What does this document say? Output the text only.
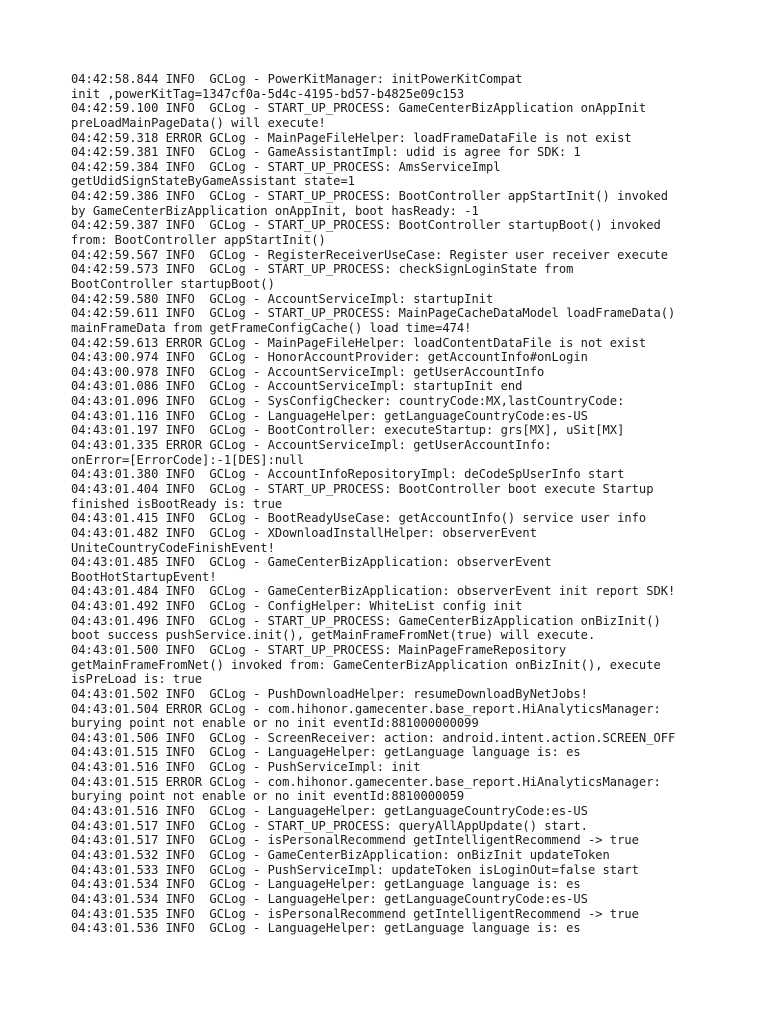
04:42:58.844 INFO  GCLog - PowerKitManager: initPowerKitCompat
init ,powerKitTag=1347cf0a-5d4c-4195-bd57-b4825e09c153
04:42:59.100 INFO  GCLog - START_UP_PROCESS: GameCenterBizApplication onAppInit
preLoadMainPageData() will execute!
04:42:59.318 ERROR GCLog - MainPageFileHelper: loadFrameDataFile is not exist
04:42:59.381 INFO  GCLog - GameAssistantImpl: udid is agree for SDK: 1
04:42:59.384 INFO  GCLog - START_UP_PROCESS: AmsServiceImpl
getUdidSignStateByGameAssistant state=1
04:42:59.386 INFO  GCLog - START_UP_PROCESS: BootController appStartInit() invoked
by GameCenterBizApplication onAppInit, boot hasReady: -1
04:42:59.387 INFO  GCLog - START_UP_PROCESS: BootController startupBoot() invoked
from: BootController appStartInit()
04:42:59.567 INFO  GCLog - RegisterReceiverUseCase: Register user receiver execute
04:42:59.573 INFO  GCLog - START_UP_PROCESS: checkSignLoginState from
BootController startupBoot()
04:42:59.580 INFO  GCLog - AccountServiceImpl: startupInit
04:42:59.611 INFO  GCLog - START_UP_PROCESS: MainPageCacheDataModel loadFrameData()
mainFrameData from getFrameConfigCache() load time=474!
04:42:59.613 ERROR GCLog - MainPageFileHelper: loadContentDataFile is not exist
04:43:00.974 INFO  GCLog - HonorAccountProvider: getAccountInfo#onLogin
04:43:00.978 INFO  GCLog - AccountServiceImpl: getUserAccountInfo
04:43:01.086 INFO  GCLog - AccountServiceImpl: startupInit end
04:43:01.096 INFO  GCLog - SysConfigChecker: countryCode:MX,lastCountryCode:
04:43:01.116 INFO  GCLog - LanguageHelper: getLanguageCountryCode:es-US
04:43:01.197 INFO  GCLog - BootController: executeStartup: grs[MX], uSit[MX]
04:43:01.335 ERROR GCLog - AccountServiceImpl: getUserAccountInfo:
onError=[ErrorCode]:-1[DES]:null
04:43:01.380 INFO  GCLog - AccountInfoRepositoryImpl: deCodeSpUserInfo start
04:43:01.404 INFO  GCLog - START_UP_PROCESS: BootController boot execute Startup
finished isBootReady is: true
04:43:01.415 INFO  GCLog - BootReadyUseCase: getAccountInfo() service user info
04:43:01.482 INFO  GCLog - XDownloadInstallHelper: observerEvent
UniteCountryCodeFinishEvent!
04:43:01.485 INFO  GCLog - GameCenterBizApplication: observerEvent
BootHotStartupEvent!
04:43:01.484 INFO  GCLog - GameCenterBizApplication: observerEvent init report SDK!
04:43:01.492 INFO  GCLog - ConfigHelper: WhiteList config init
04:43:01.496 INFO  GCLog - START_UP_PROCESS: GameCenterBizApplication onBizInit()
boot success pushService.init(), getMainFrameFromNet(true) will execute.
04:43:01.500 INFO  GCLog - START_UP_PROCESS: MainPageFrameRepository
getMainFrameFromNet() invoked from: GameCenterBizApplication onBizInit(), execute
isPreLoad is: true
04:43:01.502 INFO  GCLog - PushDownloadHelper: resumeDownloadByNetJobs!
04:43:01.504 ERROR GCLog - com.hihonor.gamecenter.base_report.HiAnalyticsManager:
burying point not enable or no init eventId:881000000099
04:43:01.506 INFO  GCLog - ScreenReceiver: action: android.intent.action.SCREEN_OFF
04:43:01.515 INFO  GCLog - LanguageHelper: getLanguage language is: es
04:43:01.516 INFO  GCLog - PushServiceImpl: init
04:43:01.515 ERROR GCLog - com.hihonor.gamecenter.base_report.HiAnalyticsManager:
burying point not enable or no init eventId:8810000059
04:43:01.516 INFO  GCLog - LanguageHelper: getLanguageCountryCode:es-US
04:43:01.517 INFO  GCLog - START_UP_PROCESS: queryAllAppUpdate() start.
04:43:01.517 INFO  GCLog - isPersonalRecommend getIntelligentRecommend -> true
04:43:01.532 INFO  GCLog - GameCenterBizApplication: onBizInit updateToken
04:43:01.533 INFO  GCLog - PushServiceImpl: updateToken isLoginOut=false start
04:43:01.534 INFO  GCLog - LanguageHelper: getLanguage language is: es
04:43:01.534 INFO  GCLog - LanguageHelper: getLanguageCountryCode:es-US
04:43:01.535 INFO  GCLog - isPersonalRecommend getIntelligentRecommend -> true
04:43:01.536 INFO  GCLog - LanguageHelper: getLanguage language is: es
